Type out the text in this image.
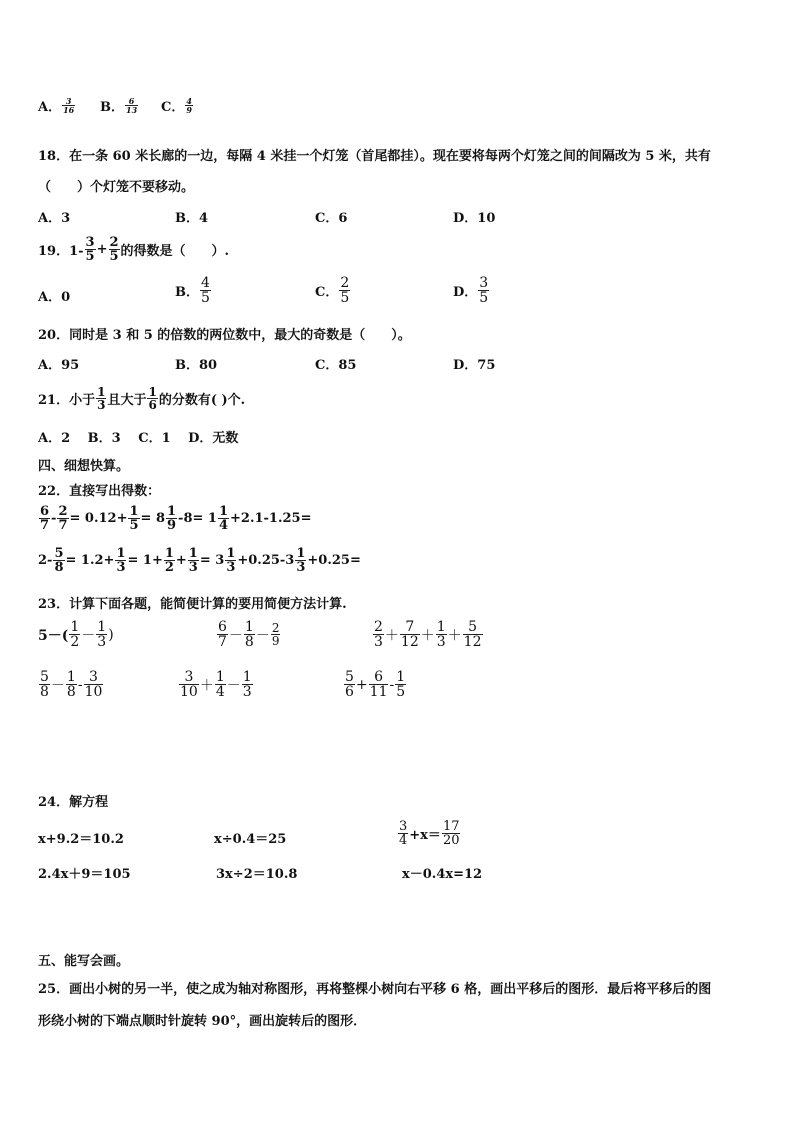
A． $\frac{3}{16}$ B． $\frac{6}{13}$ C． $\frac{4}{9}$
18．在一条 60 米长廊的一边，每隔 4 米挂一个灯笼（首尾都挂）。现在要将每两个灯笼之间的间隔改为 5 米，共有
（　　）个灯笼不要移动。
A．3	B．4	C．6	D．10
19．$1- \frac{3}{5} + \frac{2}{5}$ 的得数是（　　）.
A．0	B． $\frac{4}{5}$	C． $\frac{2}{5}$	D． $\frac{3}{5}$
20．同时是 3 和 5 的倍数的两位数中，最大的奇数是（　　）。
A．95	B．80	C．85	D．75
21．小于 $\frac{1}{3}$ 且大于 $\frac{1}{6}$ 的分数有( )个.
A．2　 B．3　 C．1　 D．无数
四、细想快算。
22．直接写出得数：
$\frac{6}{7} - \frac{2}{7} = 0.12+ \frac{1}{5} = 8 \frac{1}{9} -8= 1 \frac{1}{4} +2.1-1.25=$
$2- \frac{5}{8} = 1.2+ \frac{1}{3} = 1+ \frac{1}{2} + \frac{1}{3} = 3 \frac{1}{3} +0.25-3 \frac{1}{3} +0.25=$
23．计算下面各题，能简便计算的要用简便方法计算.
$5-( \frac{1}{2} - \frac{1}{3}$ )	$\frac{6}{7} - \frac{1}{8} - \frac{2}{9}$	$\frac{2}{3} + \frac{7}{12} + \frac{1}{3} + \frac{5}{12}$
$\frac{5}{8} - \frac{1}{8} - \frac{3}{10}$	$\frac{3}{10} + \frac{1}{4} - \frac{1}{3}$	$\frac{5}{6} + \frac{6}{11} - \frac{1}{5}$
24．解方程
x+9.2＝10.2	x÷0.4＝25	$\frac{3}{4} +x= \frac{17}{20}$
2.4x＋9＝105	3x÷2＝10.8	x－0.4x=12
五、能写会画。
25．画出小树的另一半，使之成为轴对称图形，再将整棵小树向右平移 6 格，画出平移后的图形．最后将平移后的图
形绕小树的下端点顺时针旋转 90°，画出旋转后的图形．
